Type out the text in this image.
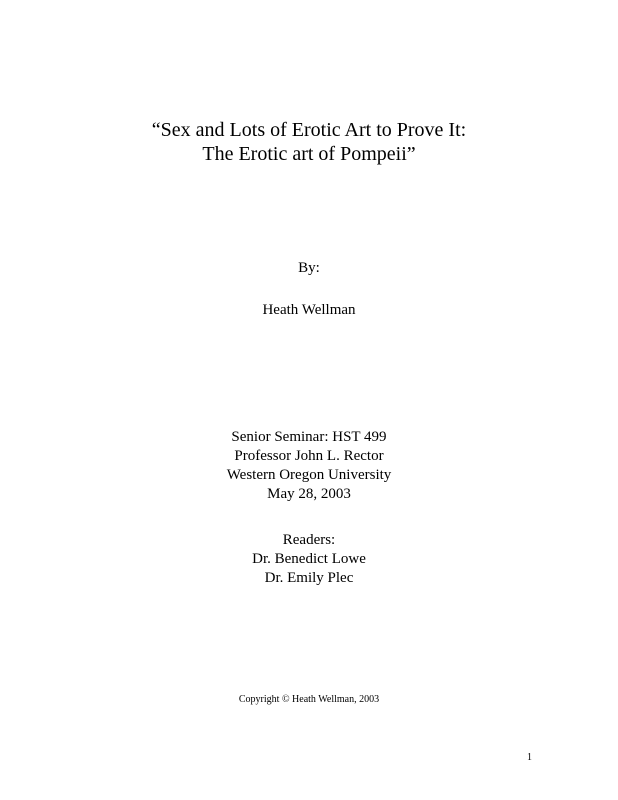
“Sex and Lots of Erotic Art to Prove It:
The Erotic art of Pompeii”
By:
Heath Wellman
Senior Seminar: HST 499
Professor John L. Rector
Western Oregon University
May 28, 2003
Readers:
Dr. Benedict Lowe
Dr. Emily Plec
Copyright © Heath Wellman, 2003
1
